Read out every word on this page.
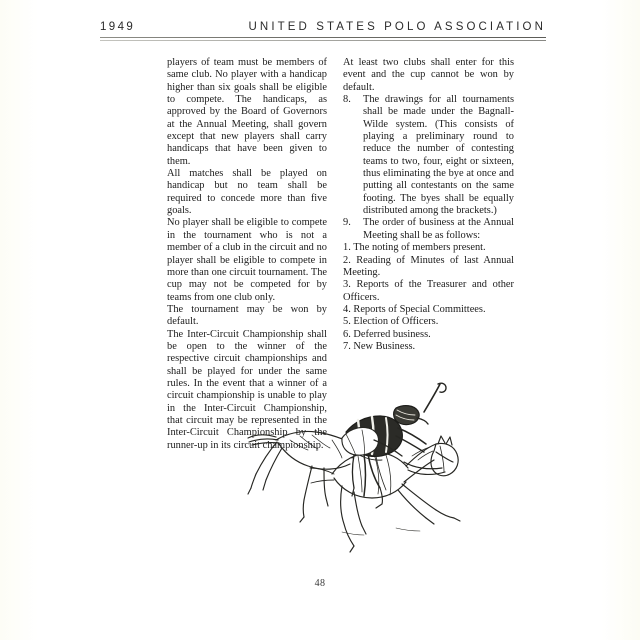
1949	UNITED STATES POLO ASSOCIATION

players of team must be members of same club. No player with a handicap higher than six goals shall be eligible to compete. The handicaps, as approved by the Board of Governors at the Annual Meeting, shall govern except that new players shall carry handicaps that have been given to them.

All matches shall be played on handicap but no team shall be required to concede more than five goals.

No player shall be eligible to compete in the tournament who is not a member of a club in the circuit and no player shall be eligible to compete in more than one circuit tournament. The cup may not be competed for by teams from one club only.

The tournament may be won by default.

The Inter-Circuit Championship shall be open to the winner of the respective circuit championships and shall be played for under the same rules. In the event that a winner of a circuit championship is unable to play in the Inter-Circuit Championship, that circuit may be represented in the Inter-Circuit Championship by the runner-up in its circuit championship.

At least two clubs shall enter for this event and the cup cannot be won by default.

8.	The drawings for all tournaments shall be made under the Bagnall-Wilde system. (This consists of playing a preliminary round to reduce the number of contesting teams to two, four, eight or sixteen, thus eliminating the bye at once and putting all contestants on the same footing. The byes shall be equally distributed among the brackets.)

9.	The order of business at the Annual Meeting shall be as follows:

1. The noting of members present.

2. Reading of Minutes of last Annual Meeting.

3. Reports of the Treasurer and other Officers.

4. Reports of Special Committees.

5. Election of Officers.

6. Deferred business.

7. New Business.

48
